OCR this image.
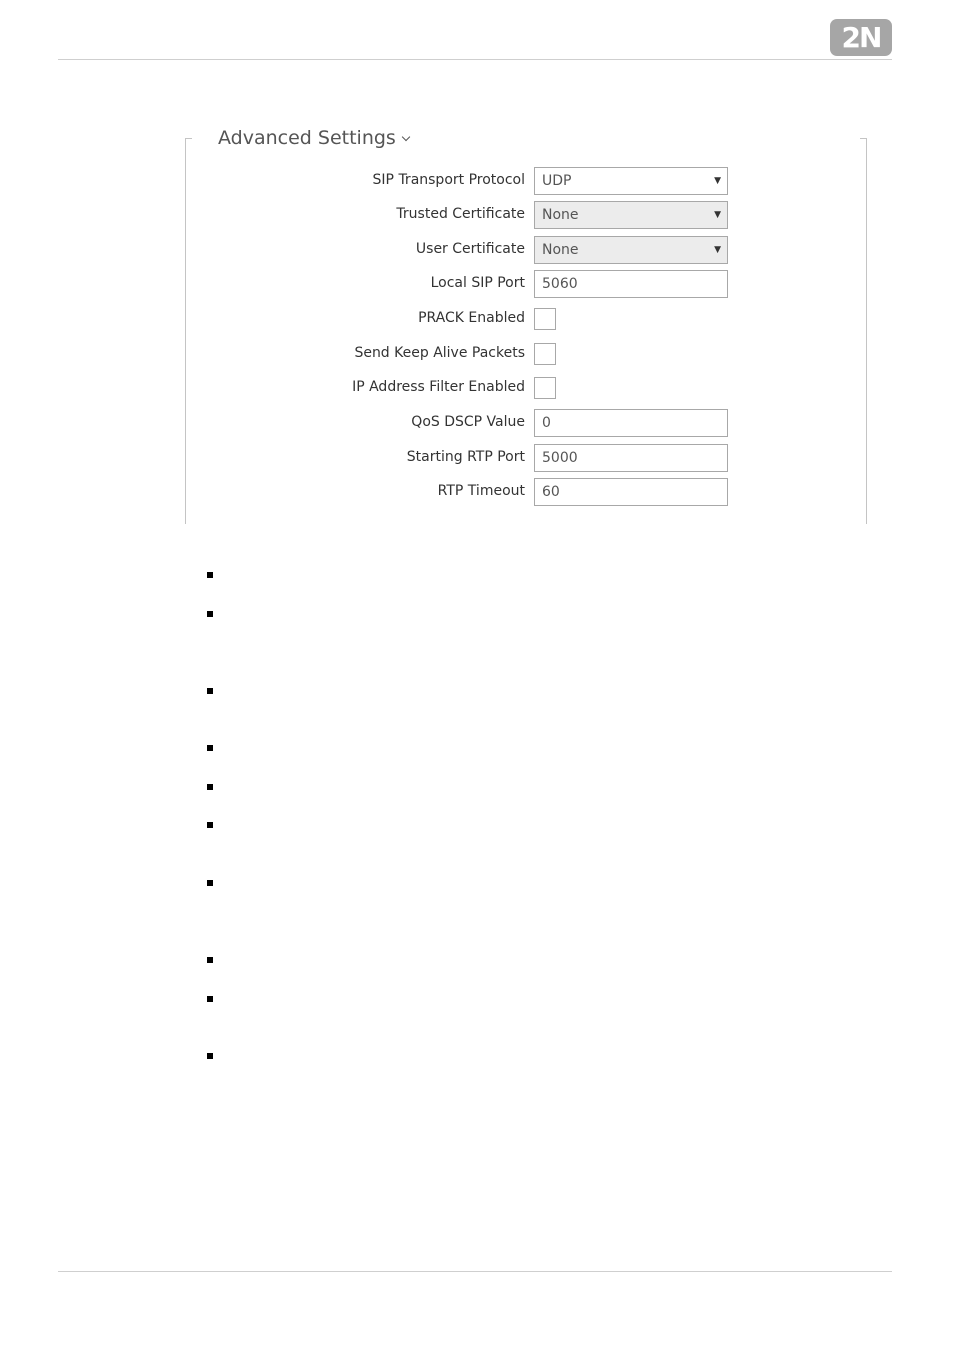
2N
Advanced Settings
SIP Transport Protocol	UDP	▼
Trusted Certificate	None	▼
User Certificate	None	▼
Local SIP Port	5060
PRACK Enabled
Send Keep Alive Packets
IP Address Filter Enabled
QoS DSCP Value	0
Starting RTP Port	5000
RTP Timeout	60
